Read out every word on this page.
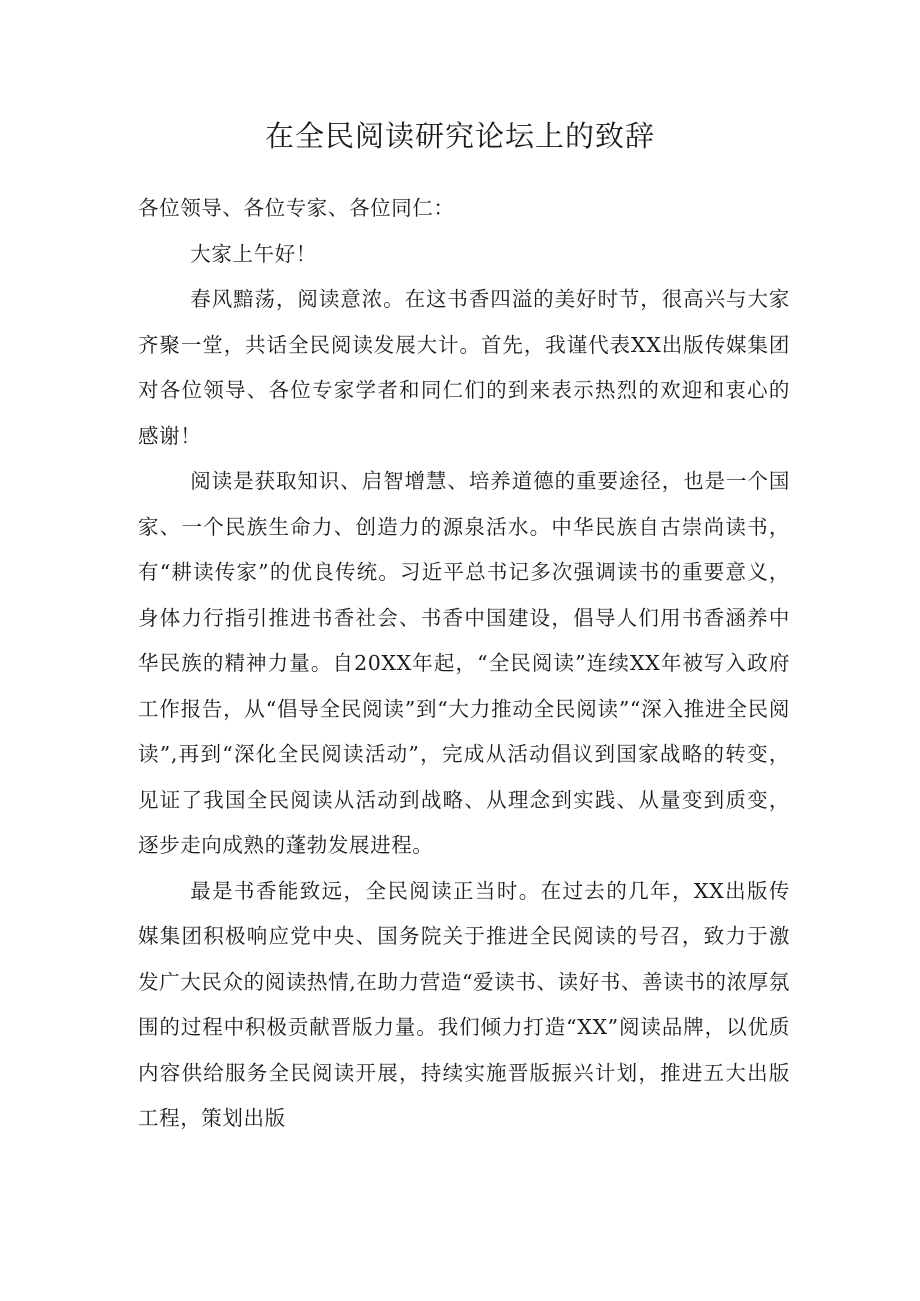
在全民阅读研究论坛上的致辞

各位领导、各位专家、各位同仁：

大家上午好！

春风黯荡，阅读意浓。在这书香四溢的美好时节，很高兴与大家齐聚一堂，共话全民阅读发展大计。首先，我谨代表XX出版传媒集团对各位领导、各位专家学者和同仁们的到来表示热烈的欢迎和衷心的感谢！

阅读是获取知识、启智增慧、培养道德的重要途径，也是一个国家、一个民族生命力、创造力的源泉活水。中华民族自古崇尚读书，有“耕读传家”的优良传统。习近平总书记多次强调读书的重要意义，身体力行指引推进书香社会、书香中国建设，倡导人们用书香涵养中华民族的精神力量。自20XX年起，“全民阅读”连续XX年被写入政府工作报告，从“倡导全民阅读”到“大力推动全民阅读”“深入推进全民阅读”,再到“深化全民阅读活动”，完成从活动倡议到国家战略的转变，见证了我国全民阅读从活动到战略、从理念到实践、从量变到质变，逐步走向成熟的蓬勃发展进程。

最是书香能致远，全民阅读正当时。在过去的几年，XX出版传媒集团积极响应党中央、国务院关于推进全民阅读的号召，致力于激发广大民众的阅读热情,在助力营造“爱读书、读好书、善读书的浓厚氛围的过程中积极贡献晋版力量。我们倾力打造“XX”阅读品牌，以优质内容供给服务全民阅读开展，持续实施晋版振兴计划，推进五大出版工程，策划出版
